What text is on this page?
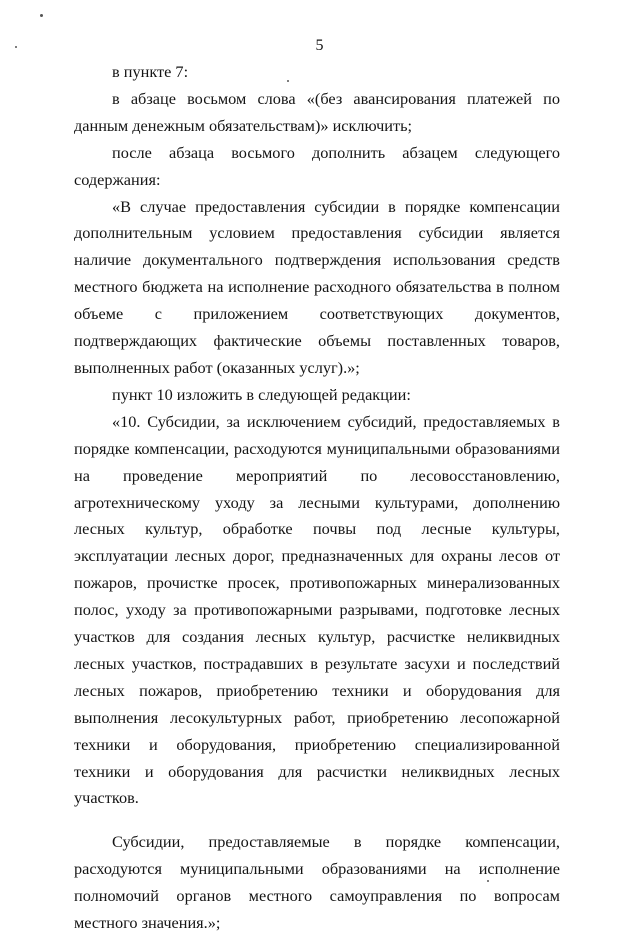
5

в пункте 7:

в абзаце восьмом слова «(без авансирования платежей по данным денежным обязательствам)» исключить;

после абзаца восьмого дополнить абзацем следующего содержания:

«В случае предоставления субсидии в порядке компенсации дополнительным условием предоставления субсидии является наличие документального подтверждения использования средств местного бюджета на исполнение расходного обязательства в полном объеме с приложением соответствующих документов, подтверждающих фактические объемы поставленных товаров, выполненных работ (оказанных услуг).»;

пункт 10 изложить в следующей редакции:

«10. Субсидии, за исключением субсидий, предоставляемых в порядке компенсации, расходуются муниципальными образованиями на проведение мероприятий по лесовосстановлению, агротехническому уходу за лесными культурами, дополнению лесных культур, обработке почвы под лесные культуры, эксплуатации лесных дорог, предназначенных для охраны лесов от пожаров, прочистке просек, противопожарных минерализованных полос, уходу за противопожарными разрывами, подготовке лесных участков для создания лесных культур, расчистке неликвидных лесных участков, пострадавших в результате засухи и последствий лесных пожаров, приобретению техники и оборудования для выполнения лесокультурных работ, приобретению лесопожарной техники и оборудования, приобретению специализированной техники и оборудования для расчистки неликвидных лесных участков.

Субсидии, предоставляемые в порядке компенсации, расходуются муниципальными образованиями на исполнение полномочий органов местного самоуправления по вопросам местного значения.»;
